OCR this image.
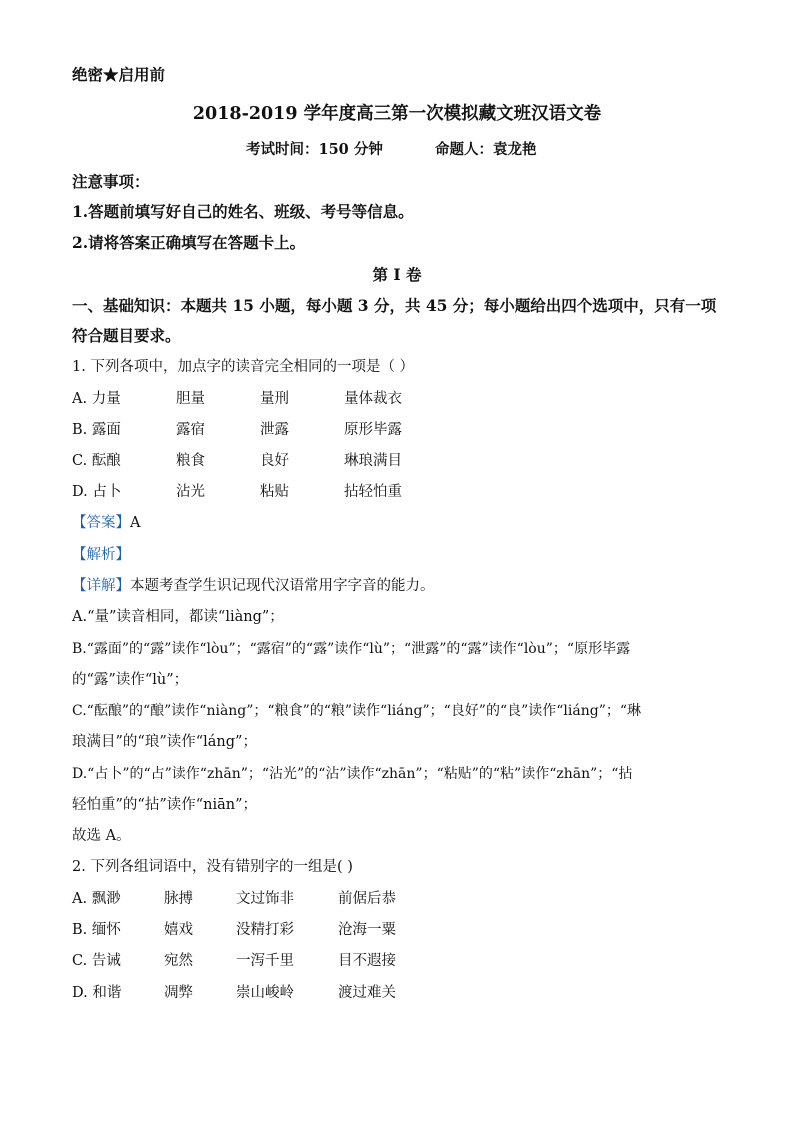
绝密★启用前
2018-2019 学年度高三第一次模拟藏文班汉语文卷
考试时间：150 分钟	命题人：袁龙艳
注意事项：
1.答题前填写好自己的姓名、班级、考号等信息。
2.请将答案正确填写在答题卡上。
第 I 卷
一、基础知识：本题共 15 小题，每小题 3 分，共 45 分；每小题给出四个选项中，只有一项
符合题目要求。
1. 下列各项中，加点字的读音完全相同的一项是（ ）
A. 力量	胆量	量刑	量体裁衣
B. 露面	露宿	泄露	原形毕露
C. 酝酿	粮食	良好	琳琅满目
D. 占卜	沾光	粘贴	拈轻怕重
【答案】A
【解析】
【详解】本题考查学生识记现代汉语常用字字音的能力。
A.“量”读音相同，都读“liàng”；
B.“露面”的“露”读作“lòu”；“露宿”的“露”读作“lù”；“泄露”的“露”读作“lòu”；“原形毕露
的“露”读作“lù”；
C.“酝酿”的“酿”读作“niàng”；“粮食”的“粮”读作“liáng”；“良好”的“良”读作“liáng”；“琳
琅满目”的“琅”读作“láng”；
D.“占卜”的“占”读作“zhān”；“沾光”的“沾”读作“zhān”；“粘贴”的“粘”读作“zhān”；“拈
轻怕重”的“拈”读作“niān”；
故选 A。
2. 下列各组词语中，没有错别字的一组是( )
A. 飘渺	脉搏	文过饰非	前倨后恭
B. 缅怀	嬉戏	没精打彩	沧海一粟
C. 告诫	宛然	一泻千里	目不遐接
D. 和谐	凋弊	崇山峻岭	渡过难关
